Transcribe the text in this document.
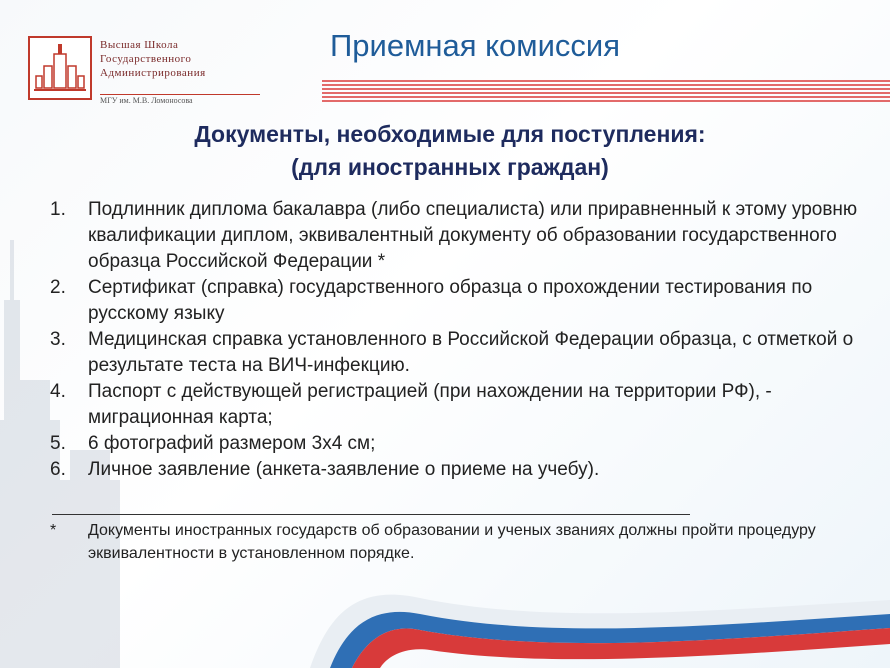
Высшая Школа
Государственного
Администрирования
МГУ им. М.В. Ломоносова
Приемная комиссия
Документы, необходимые для поступления:
(для иностранных граждан)
1.	Подлинник диплома бакалавра (либо специалиста) или приравненный к этому уровню квалификации диплом, эквивалентный документу об образовании государственного образца Российской Федерации *
2.	Сертификат (справка) государственного образца о прохождении тестирования по русскому языку
3.	Медицинская справка установленного в Российской Федерации образца, с отметкой о результате теста на ВИЧ-инфекцию.
4.	Паспорт с действующей регистрацией (при нахождении на территории РФ), - миграционная карта;
5.	6 фотографий размером 3х4 см;
6.	Личное заявление (анкета-заявление о приеме на учебу).
* Документы иностранных государств об образовании и ученых званиях должны пройти процедуру эквивалентности в установленном порядке.
